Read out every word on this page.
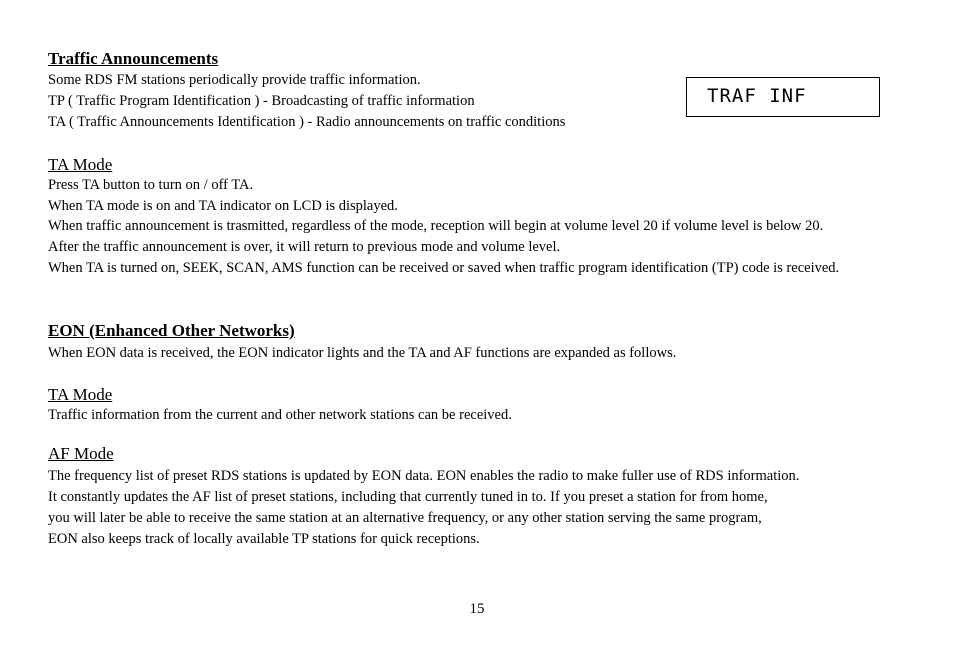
Traffic Announcements
Some RDS FM stations periodically provide traffic information.
TP ( Traffic Program Identification ) - Broadcasting of traffic information
TA ( Traffic Announcements Identification ) - Radio announcements on traffic conditions
TRAF INF
TA Mode
Press TA button to turn on / off TA.
When TA mode is on and TA indicator on LCD is displayed.
When traffic announcement is trasmitted, regardless of the mode, reception will begin at volume level 20 if volume level is below 20.
After the traffic announcement is over, it will return to previous mode and volume level.
When TA is turned on, SEEK, SCAN, AMS function can be received or saved when traffic program identification (TP) code is received.
EON (Enhanced Other Networks)
When EON data is received, the EON indicator lights and the TA and AF functions are expanded as follows.
TA Mode
Traffic information from the current and other network stations can be received.
AF Mode
The frequency list of preset RDS stations is updated by EON data. EON enables the radio to make fuller use of RDS information.
It constantly updates the AF list of preset stations, including that currently tuned in to. If you preset a station for from home,
you will later be able to receive the same station at an alternative frequency, or any other station serving the same program,
EON also keeps track of locally available TP stations for quick receptions.
15
